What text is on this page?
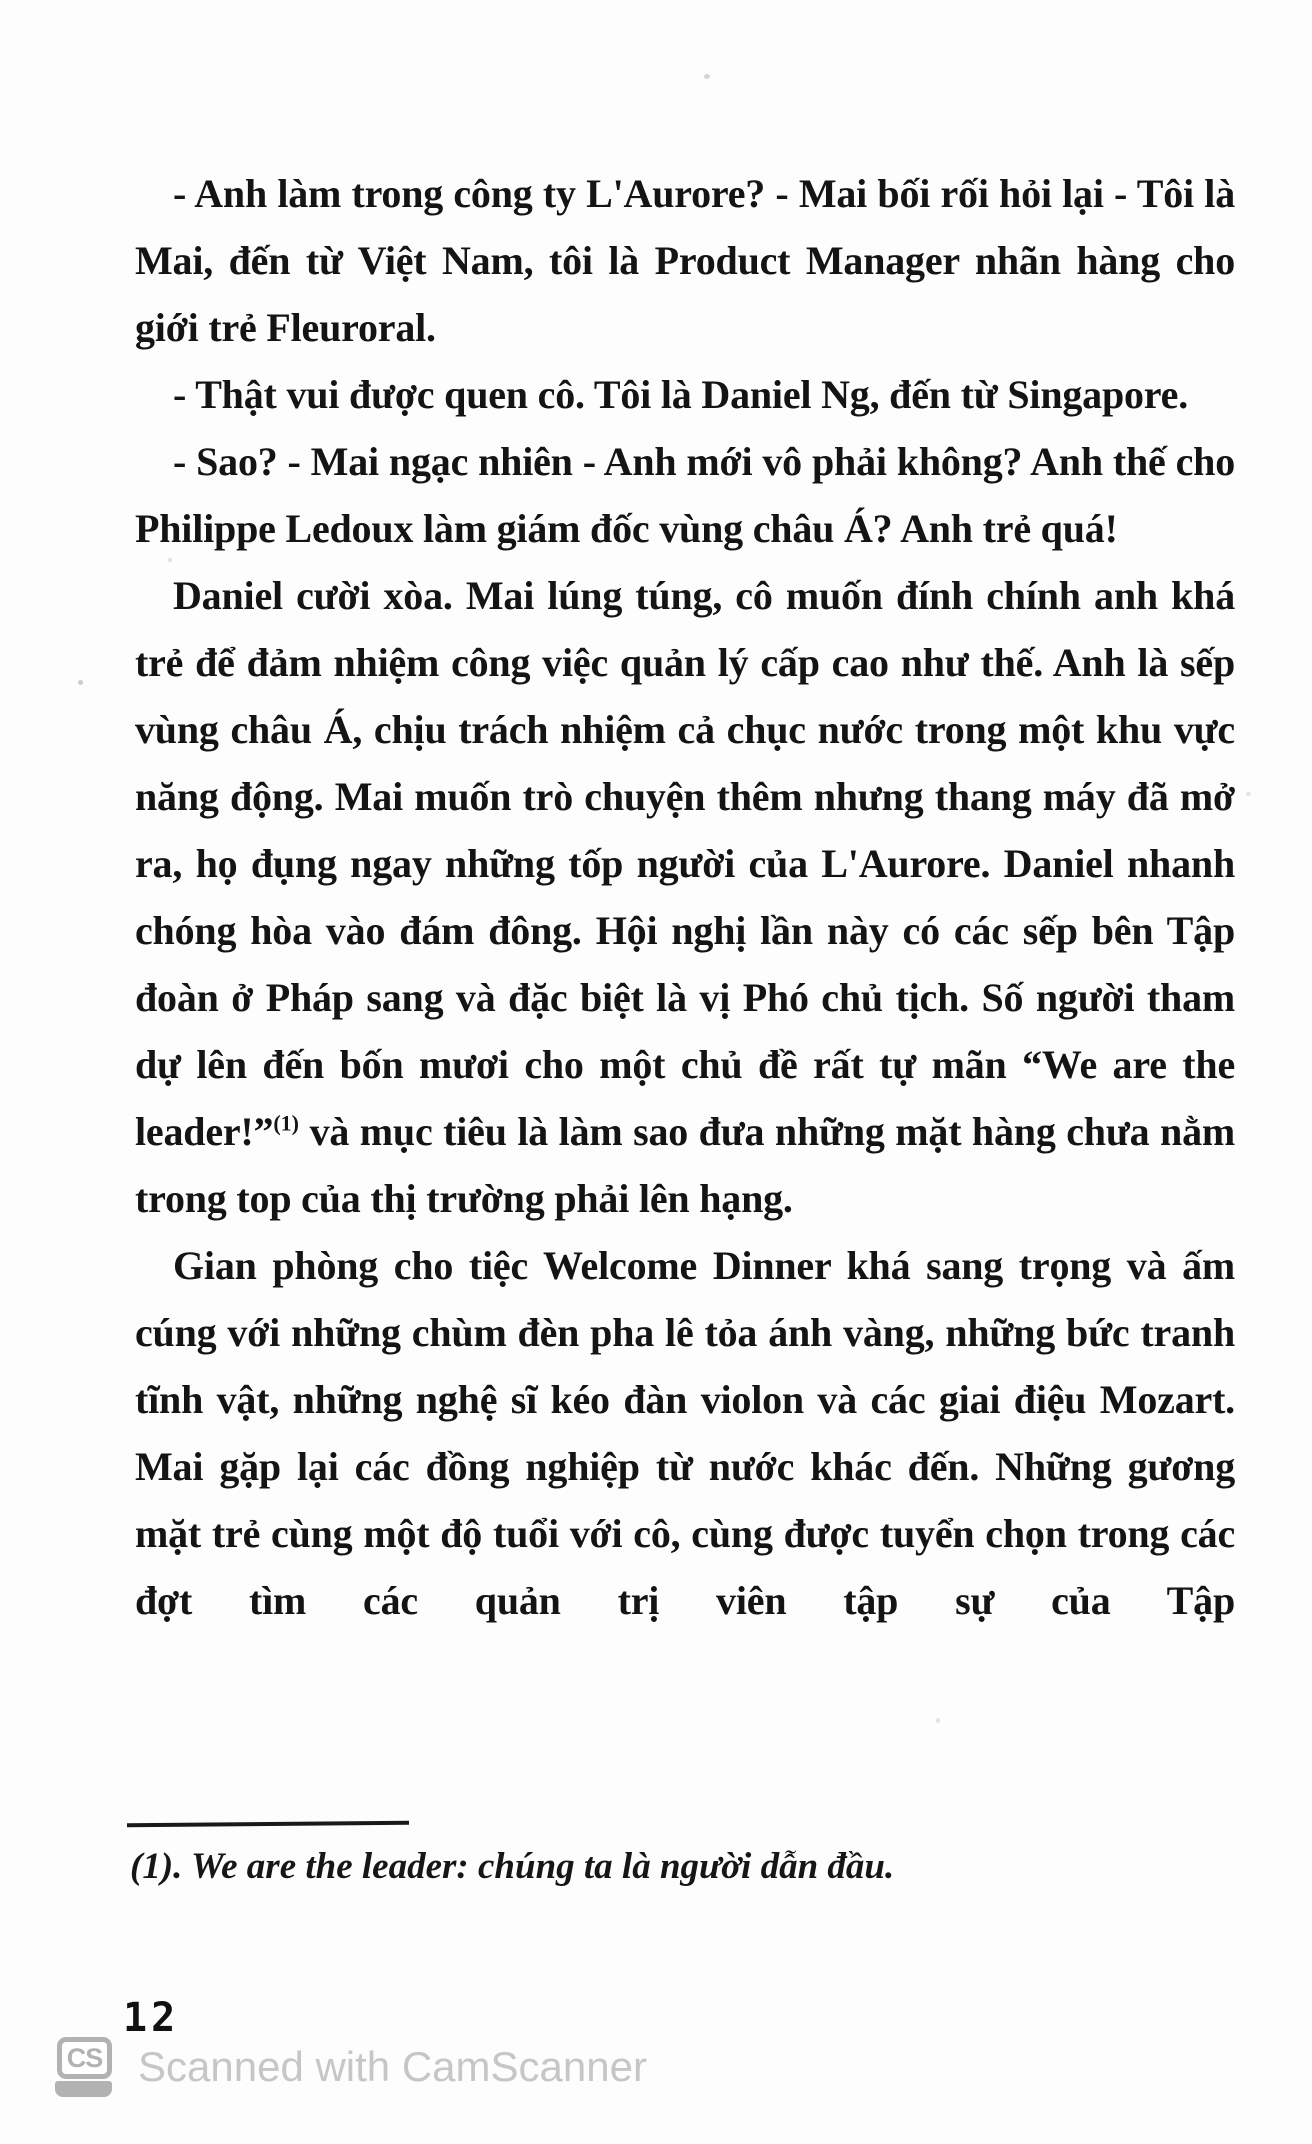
- Anh làm trong công ty L'Aurore? - Mai bối rối hỏi lại - Tôi là Mai, đến từ Việt Nam, tôi là Product Manager nhãn hàng cho giới trẻ Fleuroral.

- Thật vui được quen cô. Tôi là Daniel Ng, đến từ Singapore.

- Sao? - Mai ngạc nhiên - Anh mới vô phải không? Anh thế cho Philippe Ledoux làm giám đốc vùng châu Á? Anh trẻ quá!

Daniel cười xòa. Mai lúng túng, cô muốn đính chính anh khá trẻ để đảm nhiệm công việc quản lý cấp cao như thế. Anh là sếp vùng châu Á, chịu trách nhiệm cả chục nước trong một khu vực năng động. Mai muốn trò chuyện thêm nhưng thang máy đã mở ra, họ đụng ngay những tốp người của L'Aurore. Daniel nhanh chóng hòa vào đám đông. Hội nghị lần này có các sếp bên Tập đoàn ở Pháp sang và đặc biệt là vị Phó chủ tịch. Số người tham dự lên đến bốn mươi cho một chủ đề rất tự mãn “We are the leader!”$^{(1)}$ và mục tiêu là làm sao đưa những mặt hàng chưa nằm trong top của thị trường phải lên hạng.

Gian phòng cho tiệc Welcome Dinner khá sang trọng và ấm cúng với những chùm đèn pha lê tỏa ánh vàng, những bức tranh tĩnh vật, những nghệ sĩ kéo đàn violon và các giai điệu Mozart. Mai gặp lại các đồng nghiệp từ nước khác đến. Những gương mặt trẻ cùng một độ tuổi với cô, cùng được tuyển chọn trong các đợt tìm các quản trị viên tập sự của Tập

(1). We are the leader: chúng ta là người dẫn đầu.
12
CS Scanned with CamScanner
